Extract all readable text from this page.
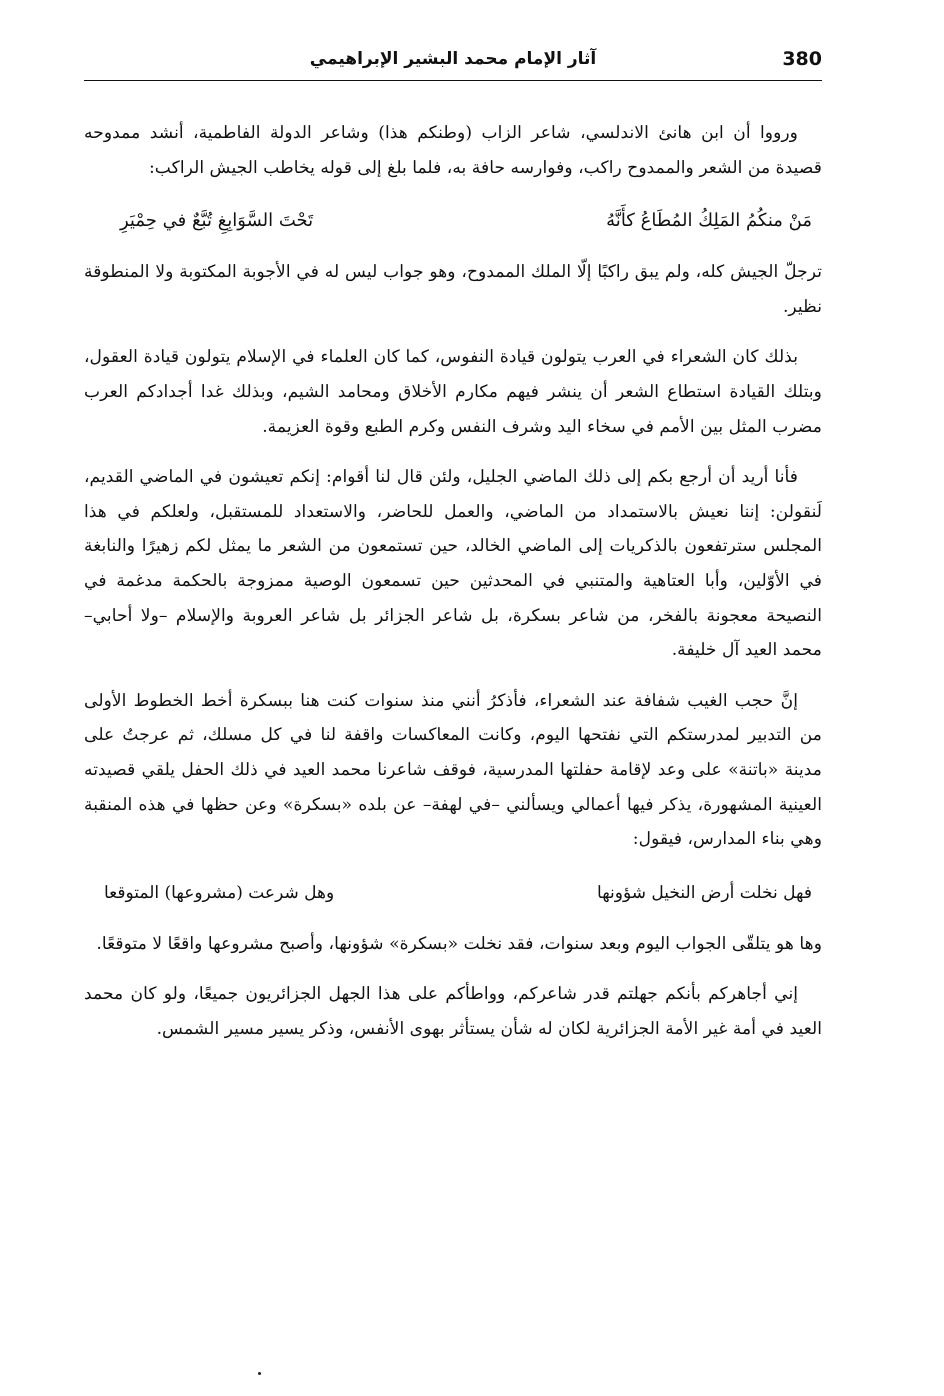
380
آثار الإمام محمد البشير الإبراهيمي

ورووا أن ابن هانئ الاندلسي، شاعر الزاب (وطنكم هذا) وشاعر الدولة الفاطمية، أنشد ممدوحه قصيدة من الشعر والممدوح راكب، وفوارسه حافة به، فلما بلغ إلى قوله يخاطب الجيش الراكب:

مَنْ منكُمُ المَلِكُ المُطَاعُ كأَنَّهُ
تَحْتَ السَّوَابِغِ تُبَّعٌ في حِمْيَرِ

ترجلّ الجيش كله، ولم يبق راكبًا إلّا الملك الممدوح، وهو جواب ليس له في الأجوبة المكتوبة ولا المنطوقة نظير.

بذلك كان الشعراء في العرب يتولون قيادة النفوس، كما كان العلماء في الإسلام يتولون قيادة العقول، وبتلك القيادة استطاع الشعر أن ينشر فيهم مكارم الأخلاق ومحامد الشيم، وبذلك غدا أجدادكم العرب مضرب المثل بين الأمم في سخاء اليد وشرف النفس وكرم الطبع وقوة العزيمة.

فأنا أريد أن أرجع بكم إلى ذلك الماضي الجليل، ولئن قال لنا أقوام: إنكم تعيشون في الماضي القديم، لَنقولن: إننا نعيش بالاستمداد من الماضي، والعمل للحاضر، والاستعداد للمستقبل، ولعلكم في هذا المجلس سترتفعون بالذكريات إلى الماضي الخالد، حين تستمعون من الشعر ما يمثل لكم زهيرًا والنابغة في الأوّلين، وأبا العتاهية والمتنبي في المحدثين حين تسمعون الوصية ممزوجة بالحكمة مدغمة في النصيحة معجونة بالفخر، من شاعر بسكرة، بل شاعر الجزائر بل شاعر العروبة والإسلام –ولا أحابي– محمد العيد آل خليفة.

إنَّ حجب الغيب شفافة عند الشعراء، فأذكرُ أنني منذ سنوات كنت هنا ببسكرة أخط الخطوط الأولى من التدبير لمدرستكم التي نفتحها اليوم، وكانت المعاكسات واقفة لنا في كل مسلك، ثم عرجتُ على مدينة «باتنة» على وعد لإقامة حفلتها المدرسية، فوقف شاعرنا محمد العيد في ذلك الحفل يلقي قصيدته العينية المشهورة، يذكر فيها أعمالي ويسألني –في لهفة– عن بلده «بسكرة» وعن حظها في هذه المنقبة وهي بناء المدارس، فيقول:

فهل نخلت أرض النخيل شؤونها
وهل شرعت (مشروعها) المتوقعا

وها هو يتلقّى الجواب اليوم وبعد سنوات، فقد نخلت «بسكرة» شؤونها، وأصبح مشروعها واقعًا لا متوقعًا.

إني أجاهركم بأنكم جهلتم قدر شاعركم، وواطأكم على هذا الجهل الجزائريون جميعًا، ولو كان محمد العيد في أمة غير الأمة الجزائرية لكان له شأن يستأثر بهوى الأنفس، وذكر يسير مسير الشمس.
